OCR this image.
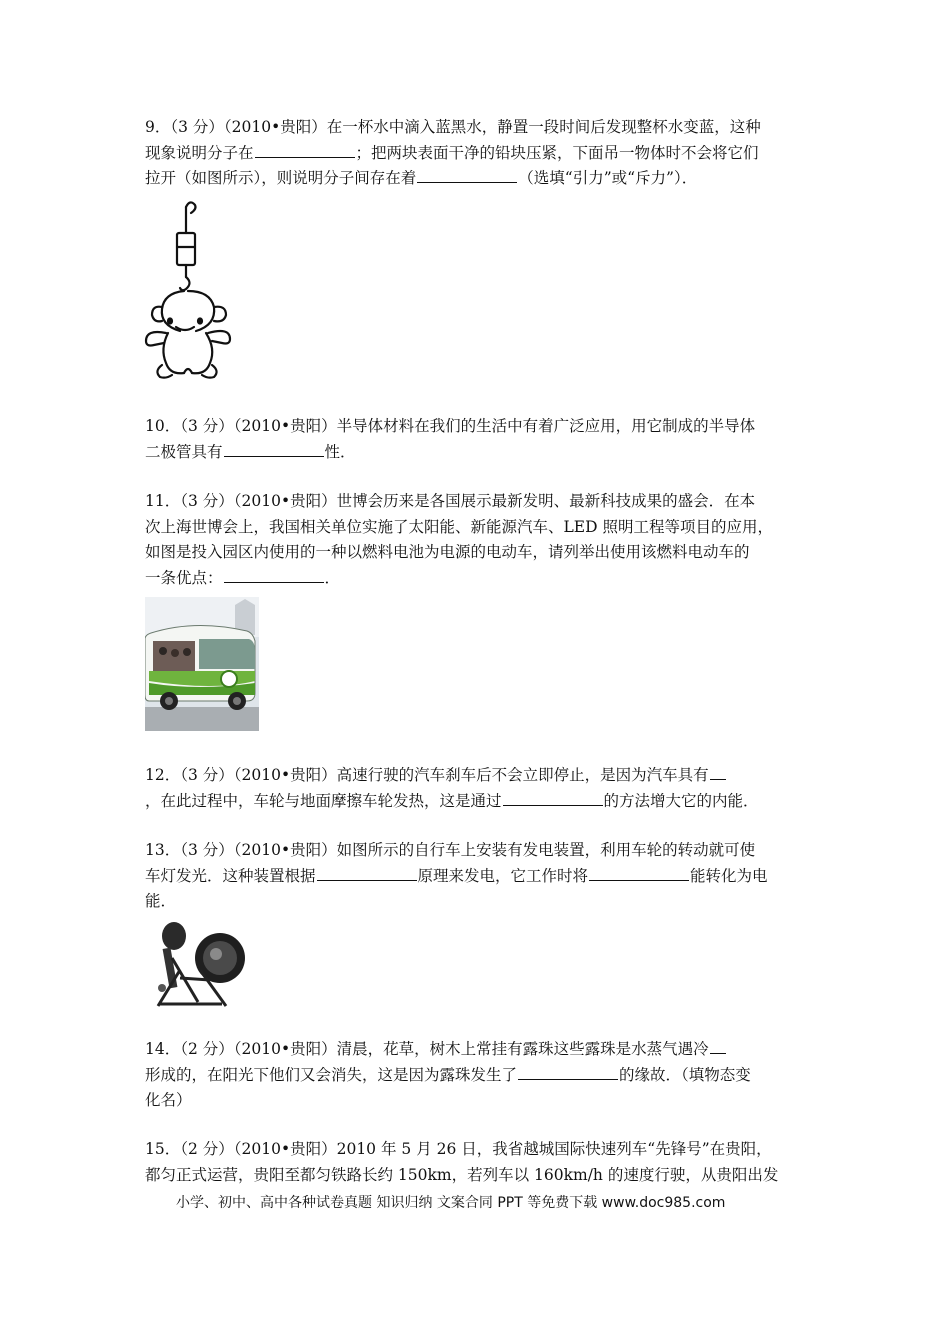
9．（3 分）（2010•贵阳）在一杯水中滴入蓝黑水，静置一段时间后发现整杯水变蓝，这种
现象说明分子在	；把两块表面干净的铅块压紧，下面吊一物体时不会将它们
拉开（如图所示），则说明分子间存在着	（选填“引力”或“斥力”）．
10．（3 分）（2010•贵阳）半导体材料在我们的生活中有着广泛应用，用它制成的半导体
二极管具有	性．
11．（3 分）（2010•贵阳）世博会历来是各国展示最新发明、最新科技成果的盛会．在本
次上海世博会上，我国相关单位实施了太阳能、新能源汽车、LED 照明工程等项目的应用，
如图是投入园区内使用的一种以燃料电池为电源的电动车，请列举出使用该燃料电动车的
一条优点：	．
12．（3 分）（2010•贵阳）高速行驶的汽车刹车后不会立即停止，是因为汽车具有
，在此过程中，车轮与地面摩擦车轮发热，这是通过	的方法增大它的内能．
13．（3 分）（2010•贵阳）如图所示的自行车上安装有发电装置，利用车轮的转动就可使
车灯发光．这种装置根据	原理来发电，它工作时将	能转化为电
能．
14．（2 分）（2010•贵阳）清晨，花草，树木上常挂有露珠这些露珠是水蒸气遇冷
形成的，在阳光下他们又会消失，这是因为露珠发生了	的缘故．（填物态变
化名）
15．（2 分）（2010•贵阳）2010 年 5 月 26 日，我省越城国际快速列车“先锋号”在贵阳，
都匀正式运营，贵阳至都匀铁路长约 150km，若列车以 160km/h 的速度行驶，从贵阳出发
小学、初中、高中各种试卷真题 知识归纳 文案合同 PPT 等免费下载 www.doc985.com
